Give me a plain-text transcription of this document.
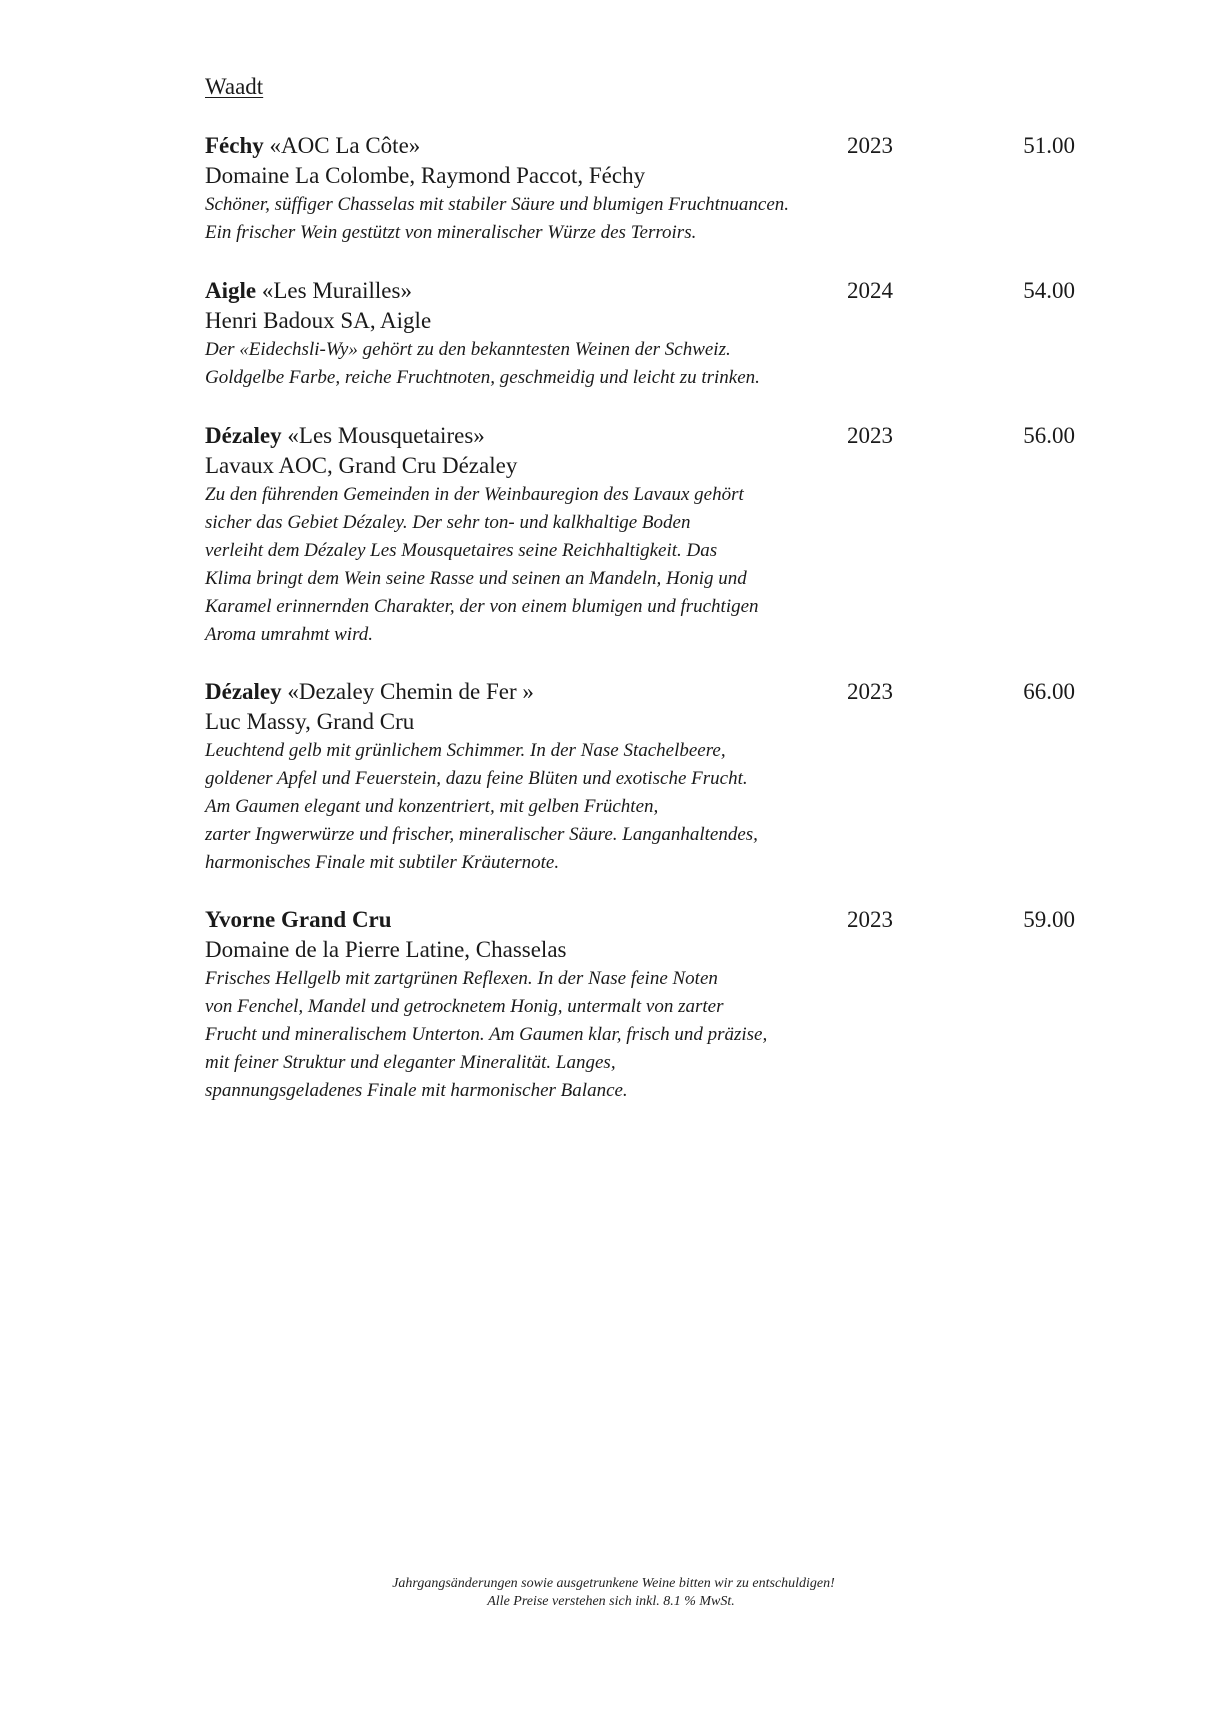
Waadt
Féchy «AOC La Côte»
Domaine La Colombe, Raymond Paccot, Féchy
Schöner, süffiger Chasselas mit stabiler Säure und blumigen Fruchtnuancen.
Ein frischer Wein gestützt von mineralischer Würze des Terroirs.
2023	51.00
Aigle «Les Murailles»
Henri Badoux SA, Aigle
Der «Eidechsli-Wy» gehört zu den bekanntesten Weinen der Schweiz.
Goldgelbe Farbe, reiche Fruchtnoten, geschmeidig und leicht zu trinken.
2024	54.00
Dézaley «Les Mousquetaires»
Lavaux AOC, Grand Cru Dézaley
Zu den führenden Gemeinden in der Weinbauregion des Lavaux gehört
sicher das Gebiet Dézaley. Der sehr ton- und kalkhaltige Boden
verleiht dem Dézaley Les Mousquetaires seine Reichhaltigkeit. Das
Klima bringt dem Wein seine Rasse und seinen an Mandeln, Honig und
Karamel erinnernden Charakter, der von einem blumigen und fruchtigen
Aroma umrahmt wird.
2023	56.00
Dézaley «Dezaley Chemin de Fer »
Luc Massy, Grand Cru
Leuchtend gelb mit grünlichem Schimmer. In der Nase Stachelbeere,
goldener Apfel und Feuerstein, dazu feine Blüten und exotische Frucht.
Am Gaumen elegant und konzentriert, mit gelben Früchten,
zarter Ingwerwürze und frischer, mineralischer Säure. Langanhaltendes,
harmonisches Finale mit subtiler Kräuternote.
2023	66.00
Yvorne Grand Cru
Domaine de la Pierre Latine, Chasselas
Frisches Hellgelb mit zartgrünen Reflexen. In der Nase feine Noten
von Fenchel, Mandel und getrocknetem Honig, untermalt von zarter
Frucht und mineralischem Unterton. Am Gaumen klar, frisch und präzise,
mit feiner Struktur und eleganter Mineralität. Langes,
spannungsgeladenes Finale mit harmonischer Balance.
2023	59.00
Jahrgangsänderungen sowie ausgetrunkene Weine bitten wir zu entschuldigen!
Alle Preise verstehen sich inkl. 8.1 % MwSt.
